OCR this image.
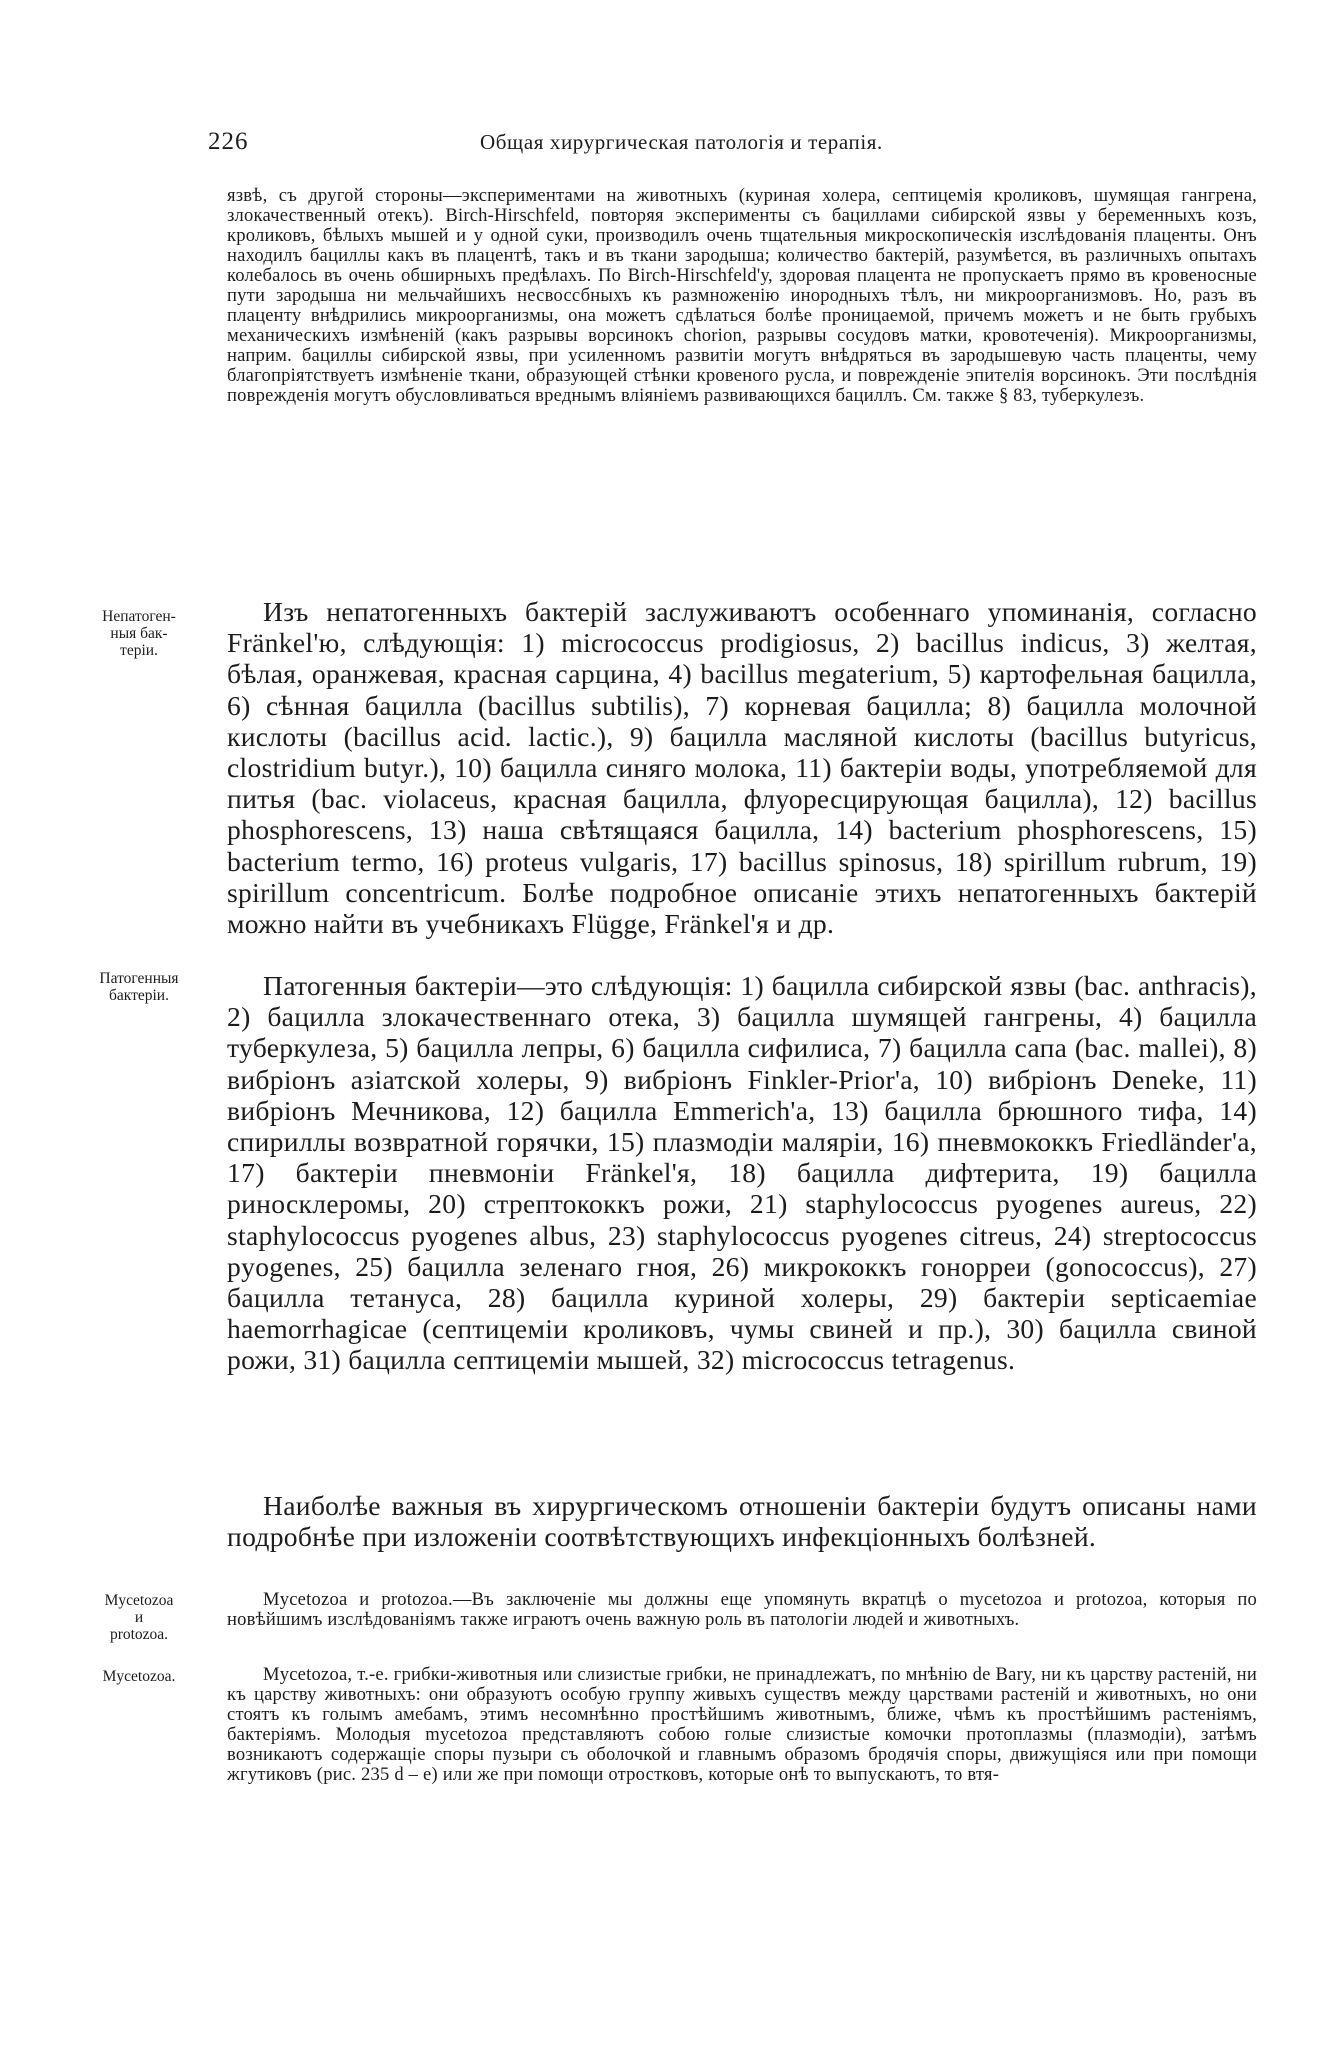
226	Общая хирургическая патологія и терапія.

язвѣ, съ другой стороны—экспериментами на животныхъ (куриная холера, септицемія кроликовъ, шумящая гангрена, злокачественный отекъ). Birch-Hirschfeld, повторяя эксперименты съ бациллами сибирской язвы у беременныхъ козъ, кроликовъ, бѣлыхъ мышей и у одной суки, производилъ очень тщательныя микроскопическія изслѣдованія плаценты. Онъ находилъ бациллы какъ въ плацентѣ, такъ и въ ткани зародыша; количество бактерій, разумѣется, въ различныхъ опытахъ колебалось въ очень обширныхъ предѣлахъ. По Birch-Hirschfeld'у, здоровая плацента не пропускаетъ прямо въ кровеносные пути зародыша ни мельчайшихъ несвоссбныхъ къ размноженію инородныхъ тѣлъ, ни микроорганизмовъ. Но, разъ въ плаценту внѣдрились микроорганизмы, она можетъ сдѣлаться болѣе проницаемой, причемъ можетъ и не быть грубыхъ механическихъ измѣненій (какъ разрывы ворсинокъ chorion, разрывы сосудовъ матки, кровотеченія). Микроорганизмы, наприм. бациллы сибирской язвы, при усиленномъ развитіи могутъ внѣдряться въ зародышевую часть плаценты, чему благопріятствуетъ измѣненіе ткани, образующей стѣнки кровеного русла, и поврежденіе эпителія ворсинокъ. Эти послѣднія поврежденія могутъ обусловливаться вреднымъ вліяніемъ развивающихся бациллъ. См. также § 83, туберкулезъ.

Непатоген-
ныя бак-
теріи.

Изъ непатогенныхъ бактерій заслуживаютъ особеннаго упоминанія, согласно Fränkel'ю, слѣдующія: 1) micrococcus prodigiosus, 2) bacillus indicus, 3) желтая, бѣлая, оранжевая, красная сарцина, 4) bacillus megaterium, 5) картофельная бацилла, 6) сѣнная бацилла (bacillus subtilis), 7) корневая бацилла; 8) бацилла молочной кислоты (bacillus acid. lactic.), 9) бацилла масляной кислоты (bacillus butyricus, clostridium butyr.), 10) бацилла синяго молока, 11) бактеріи воды, употребляемой для питья (bac. violaceus, красная бацилла, флуоресцирующая бацилла), 12) bacillus phosphorescens, 13) наша свѣтящаяся бацилла, 14) bacterium phosphorescens, 15) bacterium termo, 16) proteus vulgaris, 17) bacillus spinosus, 18) spirillum rubrum, 19) spirillum concentricum. Болѣе подробное описаніе этихъ непатогенныхъ бактерій можно найти въ учебникахъ Flügge, Fränkel'я и др.

Патогенныя
бактеріи.	Патогенныя бактеріи—это слѣдующія: 1) бацилла сибирской язвы (bac. anthracis), 2) бацилла злокачественнаго отека, 3) бацилла шумящей гангрены, 4) бацилла туберкулеза, 5) бацилла лепры, 6) бацилла сифилиса, 7) бацилла сапа (bac. mallei), 8) вибріонъ азіатской холеры, 9) вибріонъ Finkler-Prior'а, 10) вибріонъ Deneke, 11) вибріонъ Мечникова, 12) бацилла Emmerich'а, 13) бацилла брюшного тифа, 14) спириллы возвратной горячки, 15) плазмодіи маляріи, 16) пневмококкъ Friedländer'а, 17) бактеріи пневмоніи Fränkel'я, 18) бацилла дифтерита, 19) бацилла риносклеромы, 20) стрептококкъ рожи, 21) staphylococcus pyogenes aureus, 22) staphylococcus pyogenes albus, 23) staphylococcus pyogenes citreus, 24) streptococcus pyogenes, 25) бацилла зеленаго гноя, 26) микрококкъ гонорреи (gonococcus), 27) бацилла тетануса, 28) бацилла куриной холеры, 29) бактеріи septicaemiae haemorrhagicae (септицеміи кроликовъ, чумы свиней и пр.), 30) бацилла свиной рожи, 31) бацилла септицеміи мышей, 32) micrococcus tetragenus.

Наиболѣе важныя въ хирургическомъ отношеніи бактеріи будутъ описаны нами подробнѣе при изложеніи соотвѣтствующихъ инфекціонныхъ болѣзней.

Mycetozoa
и
protozoa.

Mycetozoa и protozoa.—Въ заключеніе мы должны еще упомянуть вкратцѣ о mycetozoa и protozoa, которыя по новѣйшимъ изслѣдованіямъ также играютъ очень важную роль въ патологіи людей и животныхъ.

Mycetozoa.	Mycetozoa, т.-е. грибки-животныя или слизистые грибки, не принадлежатъ, по мнѣнію de Bary, ни къ царству растеній, ни къ царству животныхъ: они образуютъ особую группу живыхъ существъ между царствами растеній и животныхъ, но они стоятъ къ голымъ амебамъ, этимъ несомнѣнно простѣйшимъ животнымъ, ближе, чѣмъ къ простѣйшимъ растеніямъ, бактеріямъ. Молодыя mycetozoa представляютъ собою голые слизистые комочки протоплазмы (плазмодіи), затѣмъ возникаютъ содержащіе споры пузыри съ оболочкой и главнымъ образомъ бродячія споры, движущіяся или при помощи жгутиковъ (рис. 235 d – e) или же при помощи отростковъ, которые онѣ то выпускаютъ, то втя-
